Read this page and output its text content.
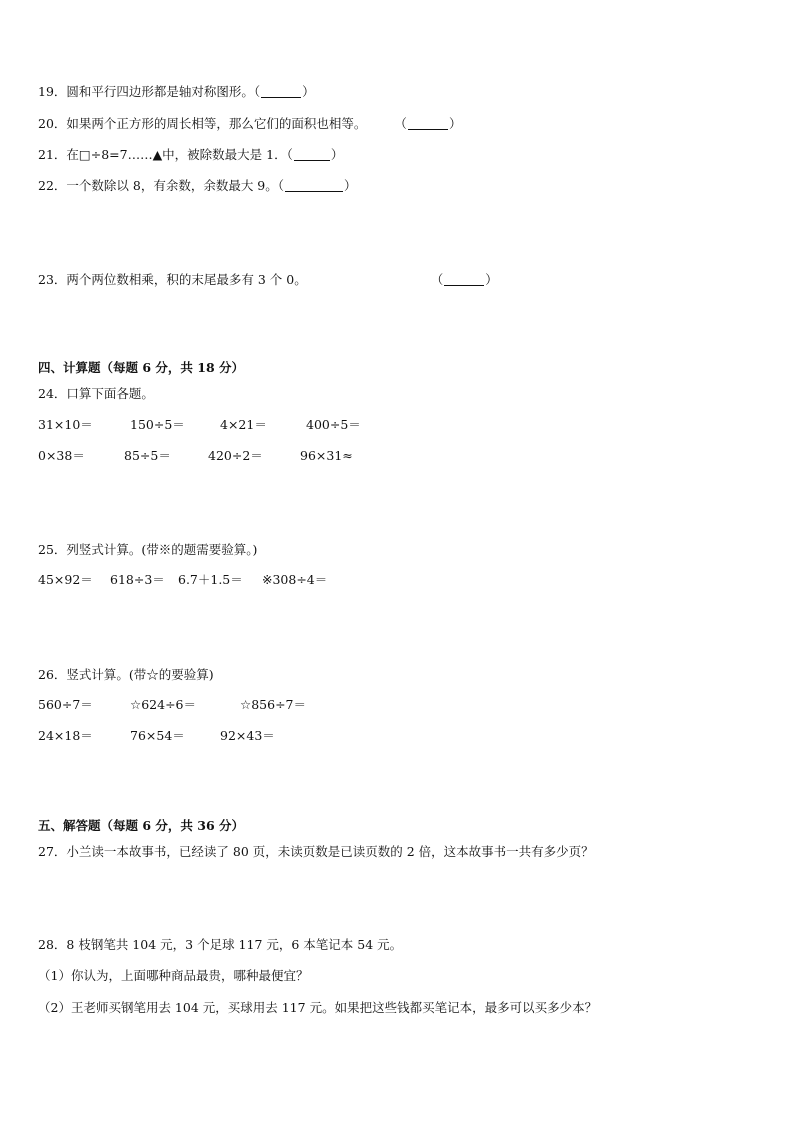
19．圆和平行四边形都是轴对称图形。（	）
20．如果两个正方形的周长相等，那么它们的面积也相等。 （	）
21．在□÷8=7……▲中，被除数最大是 1．（	）
22．一个数除以 8，有余数，余数最大 9。（	）
23．两个两位数相乘，积的末尾最多有 3 个 0。	（	）
四、计算题（每题 6 分，共 18 分）
24．口算下面各题。
31×10＝	150÷5＝	4×21＝	400÷5＝
0×38＝	85÷5＝	420÷2＝	96×31≈
25．列竖式计算。(带※的题需要验算。)
45×92＝ 618÷3＝ 6.7＋1.5＝ ※308÷4＝
26．竖式计算。(带☆的要验算)
560÷7＝	☆624÷6＝	☆856÷7＝
24×18＝	76×54＝	92×43＝
五、解答题（每题 6 分，共 36 分）
27．小兰读一本故事书，已经读了 80 页，未读页数是已读页数的 2 倍，这本故事书一共有多少页？
28．8 枝钢笔共 104 元，3 个足球 117 元，6 本笔记本 54 元。
（1）你认为，上面哪种商品最贵，哪种最便宜？
（2）王老师买钢笔用去 104 元，买球用去 117 元。如果把这些钱都买笔记本，最多可以买多少本？
